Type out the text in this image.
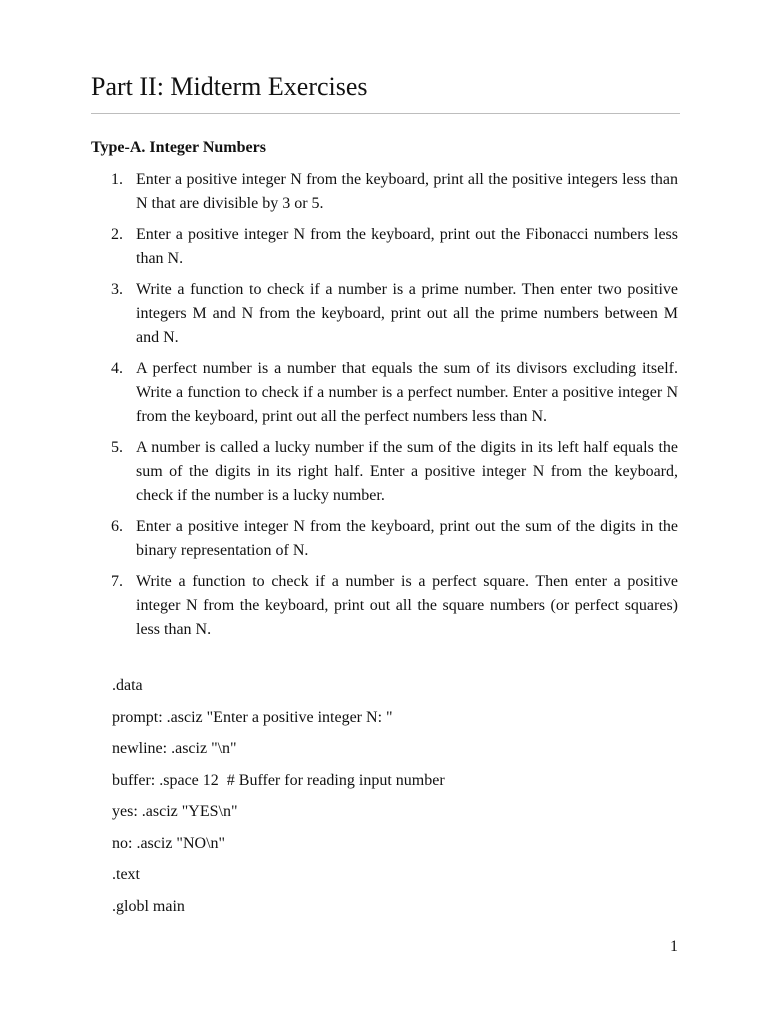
Part II: Midterm Exercises
Type-A. Integer Numbers
1. Enter a positive integer N from the keyboard, print all the positive integers less than N that are divisible by 3 or 5.
2. Enter a positive integer N from the keyboard, print out the Fibonacci numbers less than N.
3. Write a function to check if a number is a prime number. Then enter two positive integers M and N from the keyboard, print out all the prime numbers between M and N.
4. A perfect number is a number that equals the sum of its divisors excluding itself. Write a function to check if a number is a perfect number. Enter a positive integer N from the keyboard, print out all the perfect numbers less than N.
5. A number is called a lucky number if the sum of the digits in its left half equals the sum of the digits in its right half. Enter a positive integer N from the keyboard, check if the number is a lucky number.
6. Enter a positive integer N from the keyboard, print out the sum of the digits in the binary representation of N.
7. Write a function to check if a number is a perfect square. Then enter a positive integer N from the keyboard, print out all the square numbers (or perfect squares) less than N.

.data

prompt: .asciz "Enter a positive integer N: "

newline: .asciz "\n"

buffer: .space 12  # Buffer for reading input number

yes: .asciz "YES\n"

no: .asciz "NO\n"

.text

.globl main

1
